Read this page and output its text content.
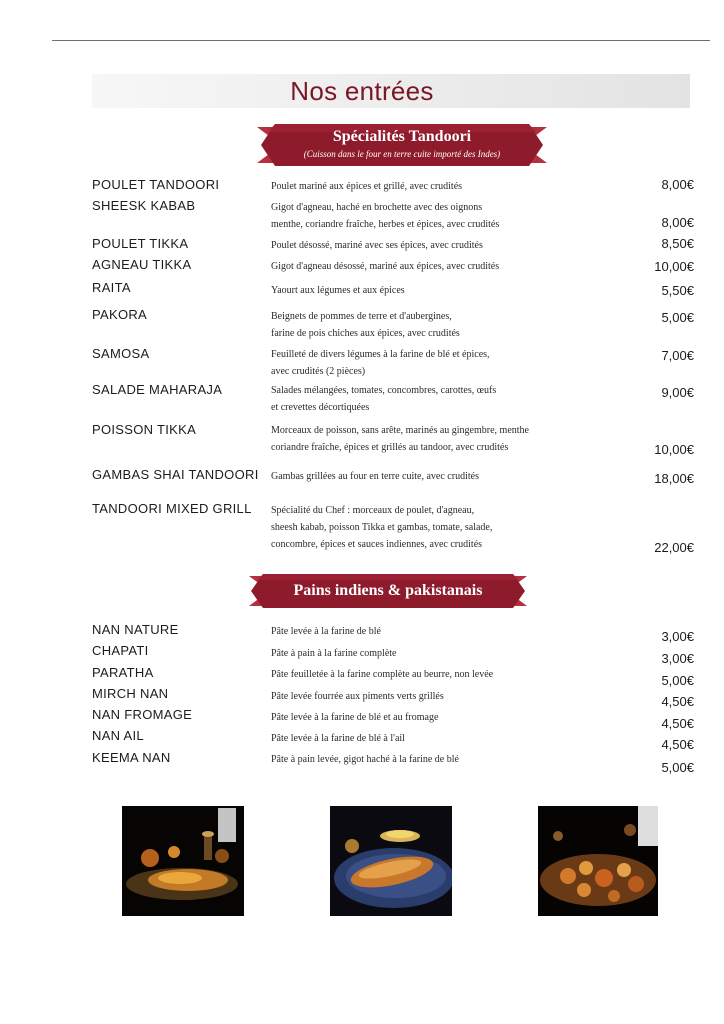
Nos entrées
Spécialités Tandoori
(Cuisson dans le four en terre cuite importé des Indes)
POULET TANDOORI	Poulet mariné aux épices et grillé, avec crudités	8,00€
SHEESK KABAB	Gigot d'agneau, haché en brochette avec des oignons
menthe, coriandre fraîche, herbes et épices, avec crudités	8,00€
POULET TIKKA	Poulet désossé, mariné avec ses épices, avec crudités	8,50€
AGNEAU TIKKA	Gigot d'agneau désossé, mariné aux épices, avec crudités	10,00€
RAITA	Yaourt aux légumes et aux épices	5,50€
PAKORA	Beignets de pommes de terre et d'aubergines,
farine de pois chiches aux épices, avec crudités
5,00€
SAMOSA	Feuilleté de divers légumes à la farine de blé et épices,
avec crudités (2 pièces)
7,00€
SALADE MAHARAJA	Salades mélangées, tomates, concombres, carottes, œufs
et crevettes décortiquées
9,00€
POISSON TIKKA	Morceaux de poisson, sans arête, marinés au gingembre, menthe
coriandre fraîche, épices et grillés au tandoor, avec crudités	10,00€
GAMBAS SHAI TANDOORI Gambas grillées au four en terre cuite, avec crudités	18,00€
TANDOORI MIXED GRILL Spécialité du Chef : morceaux de poulet, d'agneau,
sheesh kabab, poisson Tikka et gambas, tomate, salade,
concombre, épices et sauces indiennes, avec crudités	22,00€
Pains indiens & pakistanais
NAN NATURE	Pâte levée à la farine de blé	3,00€
CHAPATI	Pâte à pain à la farine complète	3,00€
PARATHA	Pâte feuilletée à la farine complète au beurre, non levée	5,00€
MIRCH NAN	Pâte levée fourrée aux piments verts grillés	4,50€
NAN FROMAGE	Pâte levée à la farine de blé et au fromage	4,50€
NAN AIL	Pâte levée à la farine de blé à l'ail	4,50€
KEEMA NAN	Pâte à pain levée, gigot haché à la farine de blé
5,00€
